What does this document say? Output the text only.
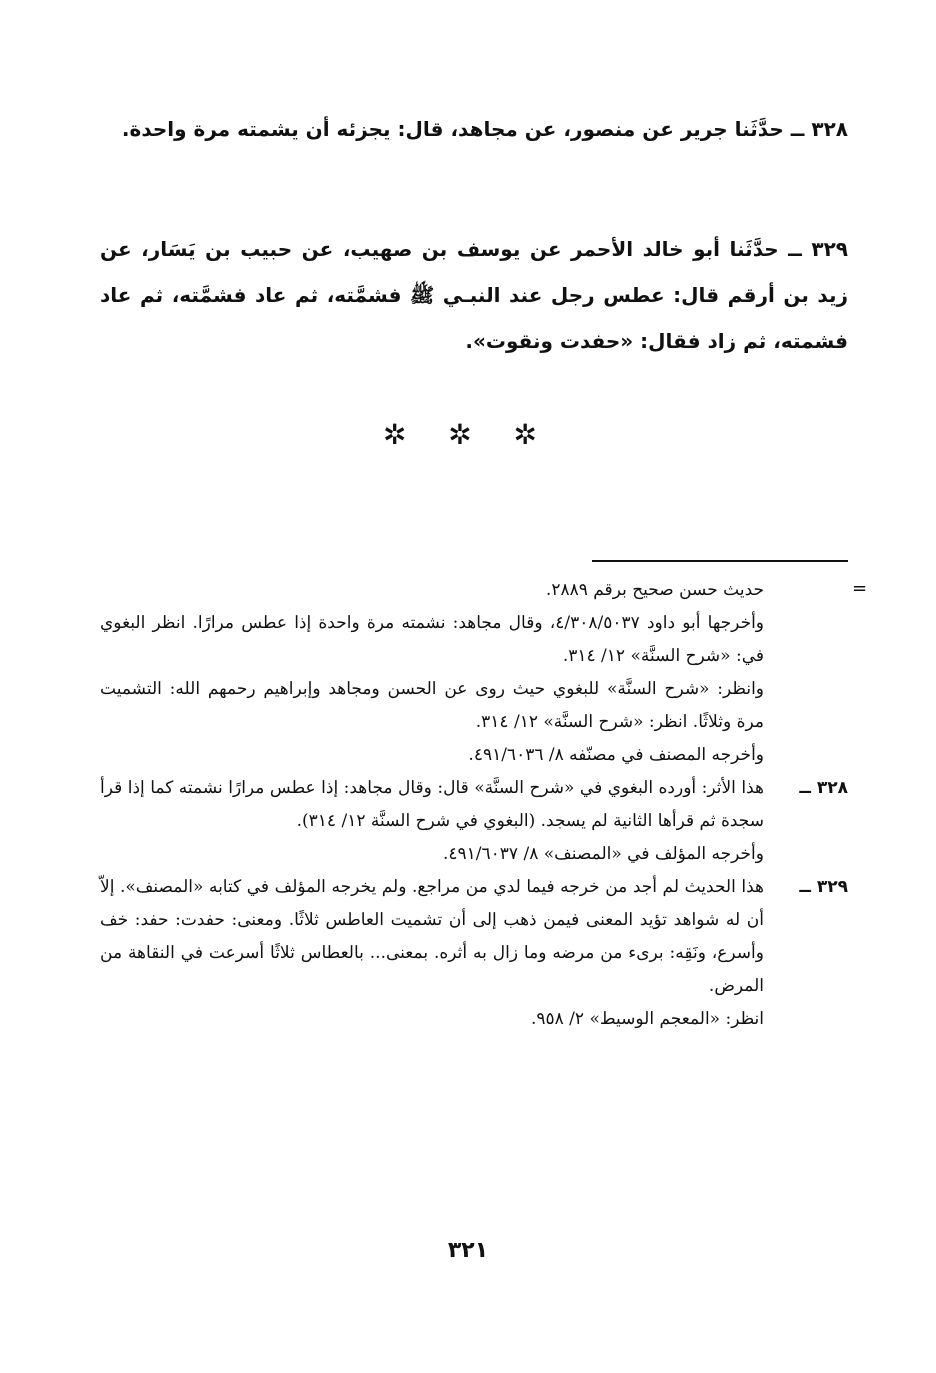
٣٢٨ ــ حدَّثَنا جرير عن منصور، عن مجاهد، قال: يجزئه أن يشمته مرة واحدة.

٣٢٩ ــ حدَّثَنا أبو خالد الأحمر عن يوسف بن صهيب، عن حبيب بن يَسَار، عن زيد بن أرقم قال: عطس رجل عند النبـي ﷺ فشمَّته، ثم عاد فشمَّته، ثم عاد فشمته، ثم زاد فقال: «حفدت ونقوت».

✲ ✲ ✲
=
حديث حسن صحيح برقم ٢٨٨٩.
وأخرجها أبو داود ٤/٣٠٨/٥٠٣٧، وقال مجاهد: نشمته مرة واحدة إذا عطس مرارًا. انظر البغوي في: «شرح السنَّة» ١٢/ ٣١٤.
وانظر: «شرح السنَّة» للبغوي حيث روى عن الحسن ومجاهد وإبراهيم رحمهم الله: التشميت مرة وثلاثًا. انظر: «شرح السنَّة» ١٢/ ٣١٤.
وأخرجه المصنف في مصنّفه ٨/ ٤٩١/٦٠٣٦.
٣٢٨ ــ
هذا الأثر: أورده البغوي في «شرح السنَّة» قال: وقال مجاهد: إذا عطس مرارًا نشمته كما إذا قرأ سجدة ثم قرأها الثانية لم يسجد. (البغوي في شرح السنَّة ١٢/ ٣١٤).
وأخرجه المؤلف في «المصنف» ٨/ ٤٩١/٦٠٣٧.
٣٢٩ ــ
هذا الحديث لم أجد من خرجه فيما لدي من مراجع. ولم يخرجه المؤلف في كتابه «المصنف». إلاّ أن له شواهد تؤيد المعنى فيمن ذهب إلى أن تشميت العاطس ثلاثًا. ومعنى: حفدت: حفد: خف وأسرع، ونَقِه: برىء من مرضه وما زال به أثره. بمعنى... بالعطاس ثلاثًا أسرعت في النقاهة من المرض.
انظر: «المعجم الوسيط» ٢/ ٩٥٨.
٣٢١
